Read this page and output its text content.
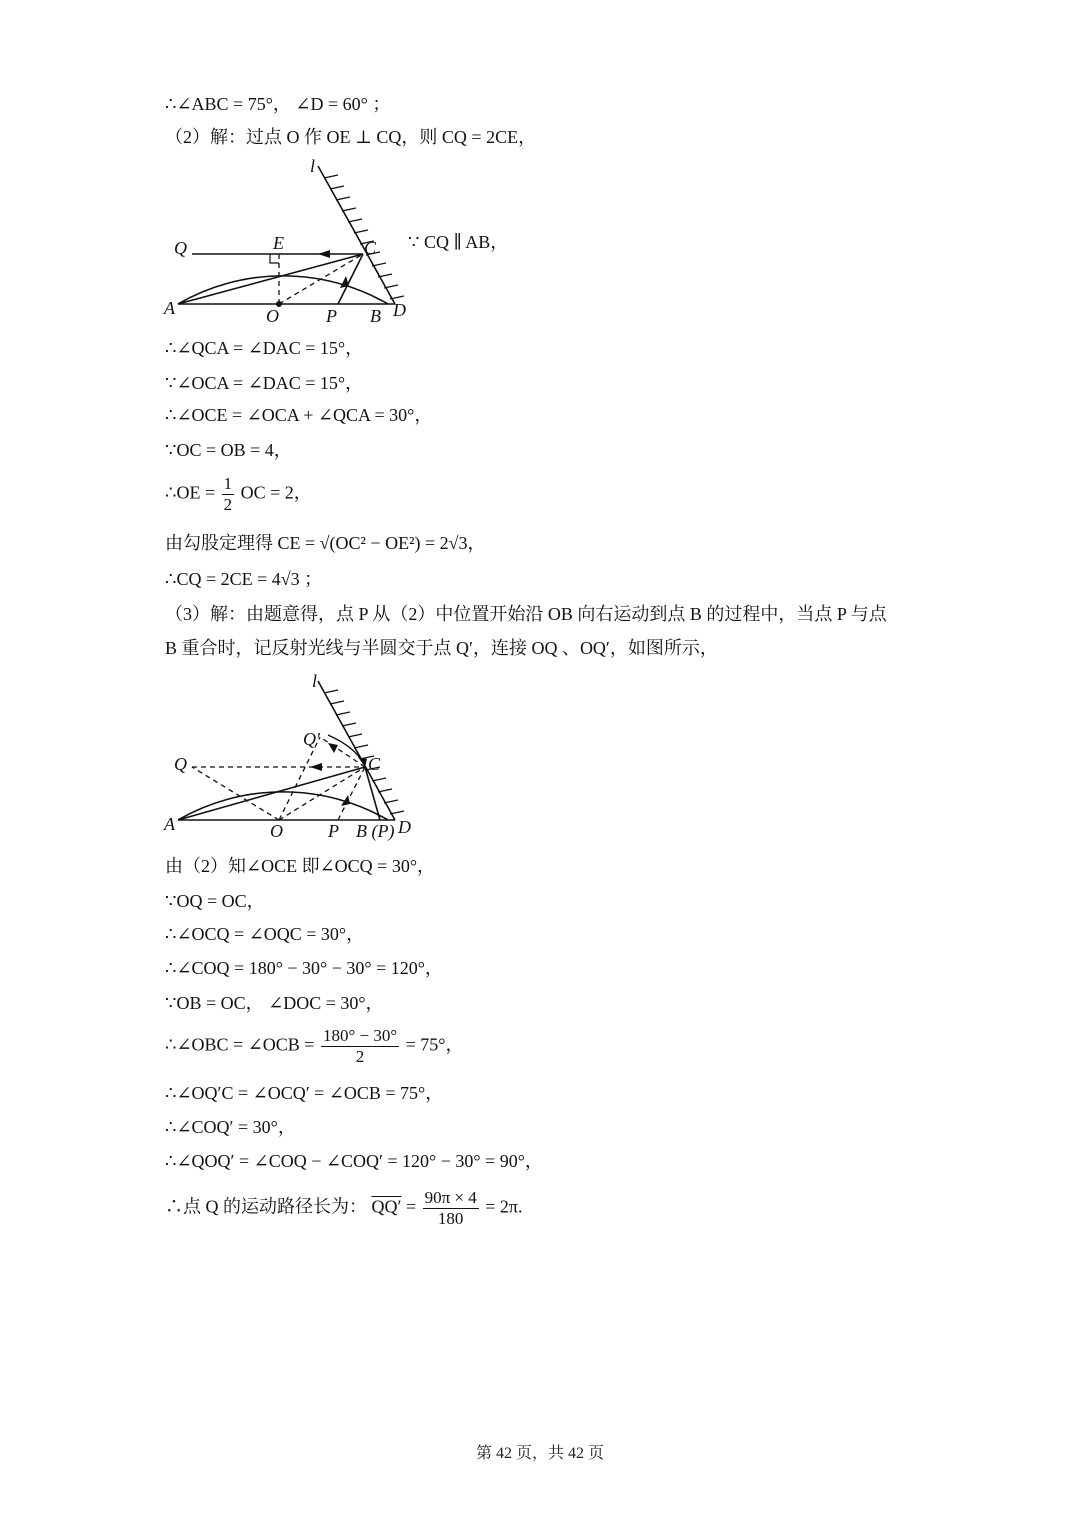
∴∠ABC = 75°， ∠D = 60° ；
（2）解：过点 O 作 OE ⊥ CQ，则 CQ = 2CE，
Q	E	C
A	O	P B D
l
∵ CQ ∥ AB，
∴∠QCA = ∠DAC = 15°，
∵∠OCA = ∠DAC = 15°，
∴∠OCE = ∠OCA + ∠QCA = 30°，
∵OC = OB = 4，
∴OE = $\frac{1}{2}$ OC = 2，
由勾股定理得 CE = √(OC² − OE²) = 2√3，
∴CQ = 2CE = 4√3 ；
（3）解：由题意得，点 P 从（2）中位置开始沿 OB 向右运动到点 B 的过程中，当点 P 与点
B 重合时，记反射光线与半圆交于点 Q′，连接 OQ 、OQ′，如图所示，
Q
Q′
C
A	O	P B (P) D
l
由（2）知∠OCE 即∠OCQ = 30°，
∵OQ = OC，
∴∠OCQ = ∠OQC = 30°，
∴∠COQ = 180° − 30° − 30° = 120°，
∵OB = OC， ∠DOC = 30°，
∴∠OBC = ∠OCB = $\frac{180^\circ - 30^\circ}{2} = 75^\circ$，
∴∠OQ′C = ∠OCQ′ = ∠OCB = 75°，
∴∠COQ′ = 30°，
∴∠QOQ′ = ∠COQ − ∠COQ′ = 120° − 30° = 90°，
∴点 Q 的运动路径长为： $QQ' = \frac{90\pi \times 4}{180} = 2\pi$.
第 42 页，共 42 页
